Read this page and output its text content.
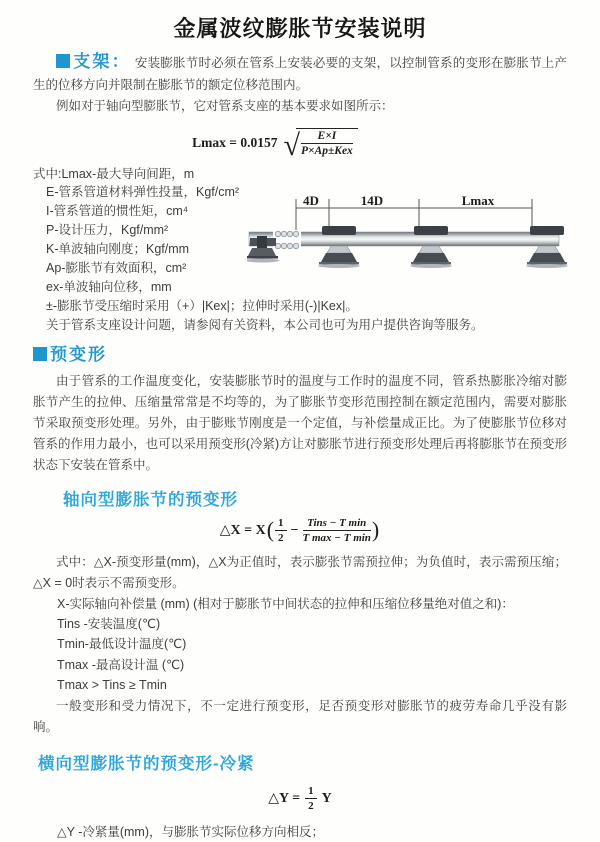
金属波纹膨胀节安装说明

支架： 安装膨胀节时必须在管系上安装必要的支架，以控制管系的变形在膨胀节上产生的位移方向并限制在膨胀节的额定位移范围内。

例如对于轴向型膨胀节，它对管系支座的基本要求如图所示：

Lmax = 0.0157 √ $\frac{E\times I}{\text{P×Ap±Kex}}$
式中:Lmax-最大导向间距，m
E-管系管道材料弹性投量，Kgf/cm²
I-管系管道的惯性矩，cm⁴
P-设计压力，Kgf/mm²
K-单波轴向刚度；Kgf/mm
Ap-膨胀节有效面积，cm²
ex-单波轴向位移，mm
±-膨胀节受压缩时采用（+）|Kex|；拉伸时采用(-)|Kex|。
关于管系支座设计问题，请参阅有关资料，本公司也可为用户提供咨询等服务。
4D	14D	Lmax
预变形

由于管系的工作温度变化，安装膨胀节时的温度与工作时的温度不同，管系热膨胀冷缩对膨胀节产生的拉伸、压缩量常常是不均等的，为了膨胀节变形范围控制在额定范围内，需要对膨胀节采取预变形处理。另外，由于膨账节刚度是一个定值，与补偿量成正比。为了使膨胀节位移对管系的作用力最小，也可以采用预变形(冷紧)方让对膨胀节进行预变形处理后再将膨胀节在预变形状态下安装在管系中。

轴向型膨胀节的预变形
△X = X ( $\frac{1}{2} - \frac{\text{Tins − T min}}{\text{T max − T min}}$ )

式中：△X-预变形量(mm)，△X为正值时，表示膨张节需预拉伸；为负值时，表示需预压缩；△X = 0时表示不需预变形。

X-实际轴向补偿量 (mm) (相对于膨胀节中间状态的拉伸和压缩位移量绝对值之和)：

Tins -安装温度(℃)

Tmin-最低设计温度(℃)

Tmax -最高设计温 (℃)

Tmax > Tins ≥ Tmin

一般变形和受力情况下，不一定进行预变形，足否预变形对膨胀节的疲劳寿命几乎没有影响。

横向型膨胀节的预变形-冷紧
△Y = $\frac{1}{2}$ Y

△Y -冷紧量(mm)，与膨胀节实际位移方向相反；
